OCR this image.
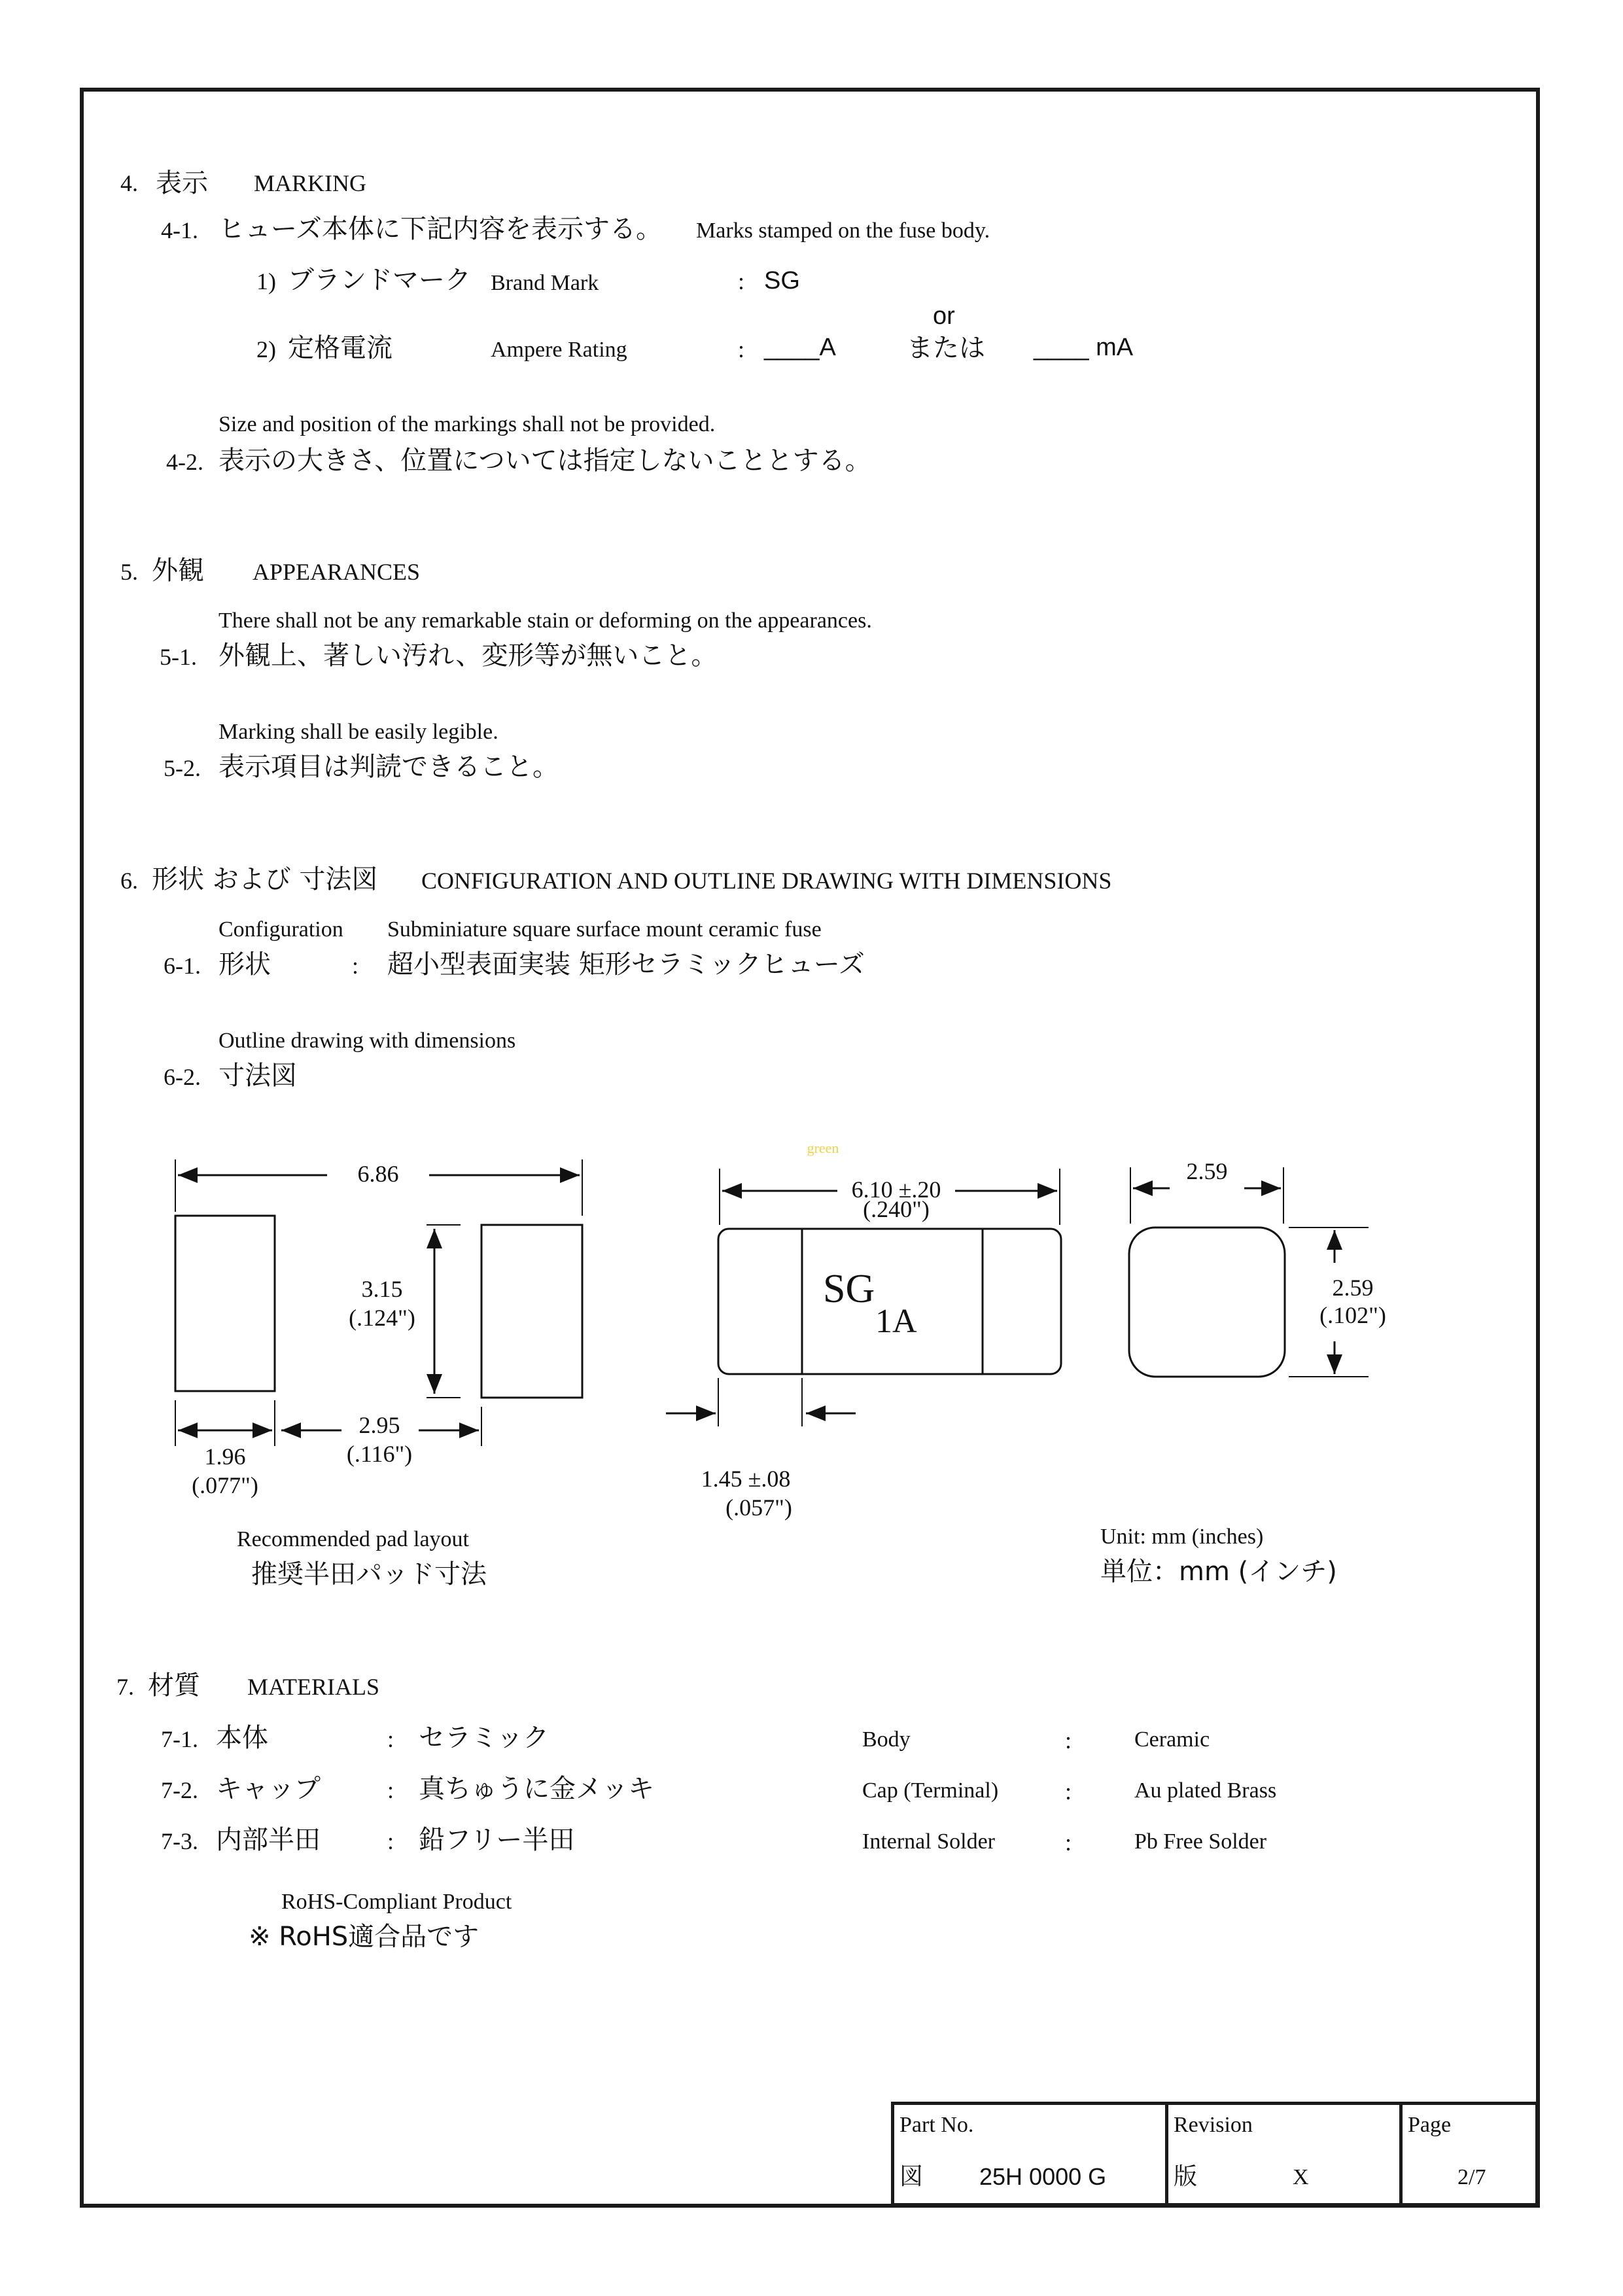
4. 表示 MARKING
4-1. ヒューズ本体に下記内容を表示する。 Marks stamped on the fuse body.
1) ブランドマーク Brand Mark	: SG
or
2) 定格電流	Ampere Rating	: ____A	または ____ mA
Size and position of the markings shall not be provided.
4-2. 表示の大きさ、位置については指定しないこととする。
5. 外観 APPEARANCES
There shall not be any remarkable stain or deforming on the appearances.
5-1. 外観上、著しい汚れ、変形等が無いこと。
Marking shall be easily legible.
5-2. 表示項目は判読できること。
6. 形状 および 寸法図 CONFIGURATION AND OUTLINE DRAWING WITH DIMENSIONS
Configuration Subminiature square surface mount ceramic fuse
6-1. 形状	: 超小型表面実装 矩形セラミックヒューズ
Outline drawing with dimensions
6-2. 寸法図
6.86
3.15
(.124")
2.95
(.116")
1.96
(.077")
green
6.10 ±.20
(.240")
SG
1A
1.45 ±.08
(.057")
2.59
2.59
(.102")
Recommended pad layout
推奨半田パッド寸法
Unit: mm (inches)
単位：mm (インチ)
7. 材質 MATERIALS
7-1. 本体	: セラミック	Body	:	Ceramic
7-2. キャップ	: 真ちゅうに金メッキ	Cap (Terminal)	:	Au plated Brass
7-3. 内部半田	: 鉛フリー半田	Internal Solder	:	Pb Free Solder
RoHS-Compliant Product
※ RoHS適合品です
Part No.
図 25H 0000 G
Revision
版	X
Page
2/7
